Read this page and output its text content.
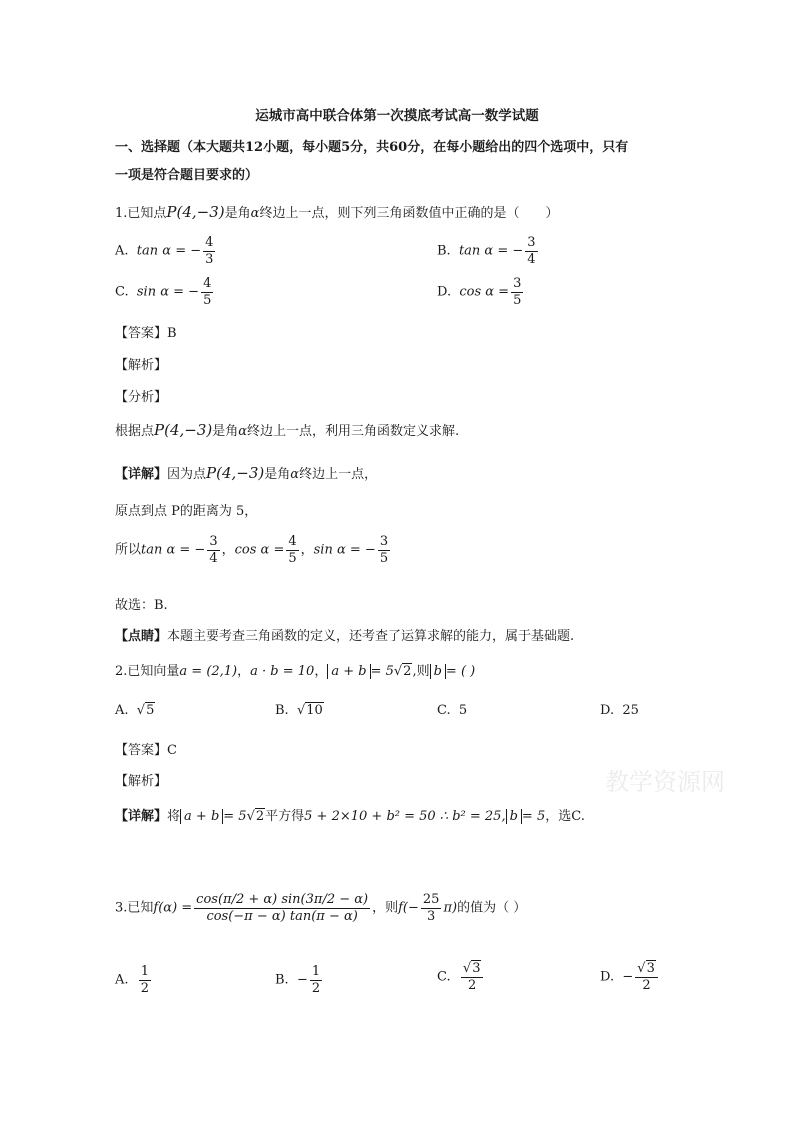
运城市高中联合体第一次摸底考试高一数学试题
一、选择题（本大题共12小题，每小题5分，共60分，在每小题给出的四个选项中，只有
一项是符合题目要求的）
1.已知点P(4,−3)是角α终边上一点，则下列三角函数值中正确的是（　　）
A. tan α = − $\frac{4}{3}$	B. tan α = − $\frac{3}{4}$
C. sin α = − $\frac{4}{5}$	D. $\cos \alpha = \frac{3}{5}$
【答案】B
【解析】
【分析】
根据点P(4,−3)是角α终边上一点，利用三角函数定义求解.
【详解】因为点P(4,−3)是角α终边上一点，
原点到点 P的距离为 5，
所以tan α = − $\frac{3}{4}$ ，$\cos \alpha = \frac{4}{5}$ ，sin α = − $\frac{3}{5}$
故选：B.
【点睛】本题主要考查三角函数的定义，还考查了运算求解的能力，属于基础题.
2.已知向量a = (2,1)，a · b = 10， a + b = 5√2,则 b = ( )
A. √5	B. √10	C. 5	D. 25
【答案】C
【解析】
【详解】将 a + b = 5√2平方得5 + 2×10 + b² = 50 ∴ b² = 25, b = 5，选C.
教学资源网
3.已知$f(\alpha) = \frac{\cos(\pi/2 + \alpha) \sin(3\pi/2 - \alpha)}{\cos(-\pi - \alpha) \tan(\pi - \alpha)}$ ，则$f(- \frac{25}{3} \pi)$的值为（ ）
A. $\frac{1}{2}$	B. − $\frac{1}{2}$	C. $\frac{√3}{2}$	D. − $\frac{√3}{2}$
